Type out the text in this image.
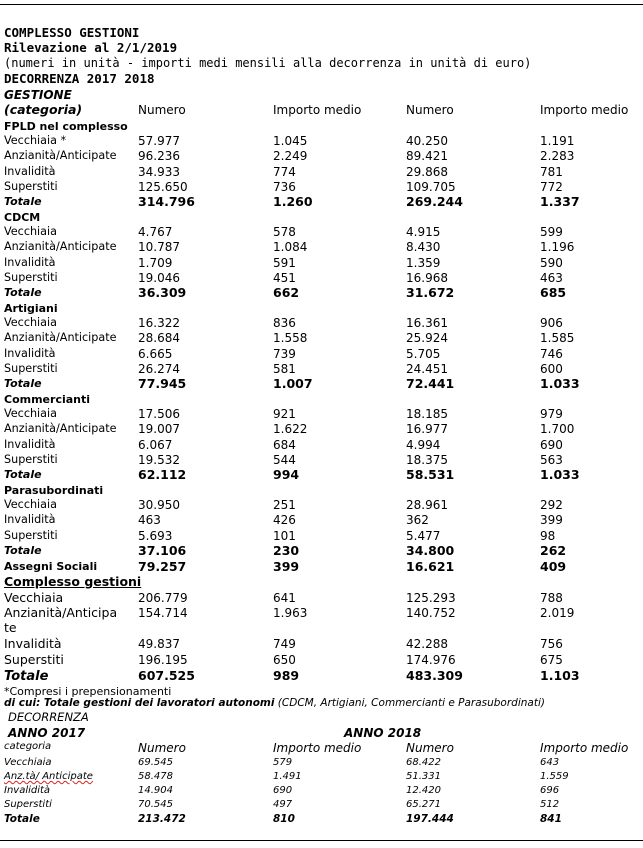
COMPLESSO GESTIONI
Rilevazione al 2/1/2019
(numeri in unità - importi medi mensili alla decorrenza in unità di euro)
DECORRENZA 2017 2018
GESTIONE
(categoria)	Numero	Importo medio	Numero	Importo medio
FPLD nel complesso
Vecchiaia *	57.977	1.045	40.250	1.191
Anzianità/Anticipate 96.236	2.249	89.421	2.283
Invalidità	34.933	774	29.868	781
Superstiti	125.650	736	109.705	772
Totale	314.796	1.260	269.244	1.337
CDCM
Vecchiaia	4.767	578	4.915	599
Anzianità/Anticipate 10.787	1.084	8.430	1.196
Invalidità	1.709	591	1.359	590
Superstiti	19.046	451	16.968	463
Totale	36.309	662	31.672	685
Artigiani
Vecchiaia	16.322	836	16.361	906
Anzianità/Anticipate 28.684	1.558	25.924	1.585
Invalidità	6.665	739	5.705	746
Superstiti	26.274	581	24.451	600
Totale	77.945	1.007	72.441	1.033
Commercianti
Vecchiaia	17.506	921	18.185	979
Anzianità/Anticipate 19.007	1.622	16.977	1.700
Invalidità	6.067	684	4.994	690
Superstiti	19.532	544	18.375	563
Totale	62.112	994	58.531	1.033
Parasubordinati
Vecchiaia	30.950	251	28.961	292
Invalidità	463	426	362	399
Superstiti	5.693	101	5.477	98
Totale	37.106	230	34.800	262
Assegni Sociali	79.257	399	16.621	409
Complesso gestioni
Vecchiaia	206.779	641	125.293	788
Anzianità/Anticipa 154.714	1.963	140.752	2.019
te
Invalidità	49.837	749	42.288	756
Superstiti	196.195	650	174.976	675
Totale	607.525	989	483.309	1.103
*Compresi i prepensionamenti
di cui: Totale gestioni dei lavoratori autonomi (CDCM, Artigiani, Commercianti e Parasubordinati)
DECORRENZA
ANNO 2017	ANNO 2018
categoria	Numero	Importo medio	Numero	Importo medio
Vecchiaia	69.545	579	68.422	643
Anz.tà/ Anticipate	58.478	1.491	51.331	1.559
Invalidità	14.904	690	12.420	696
Superstiti	70.545	497	65.271	512
Totale	213.472	810	197.444	841
